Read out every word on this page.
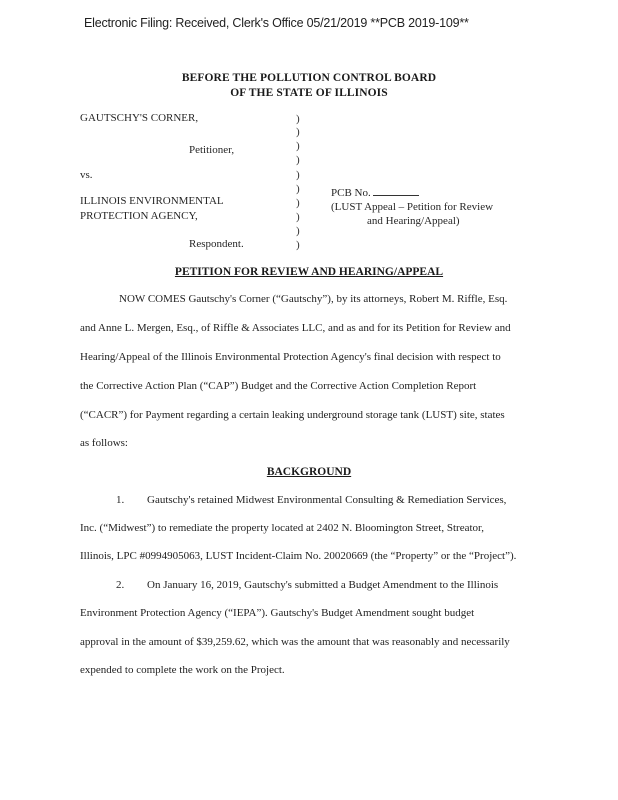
Electronic Filing: Received, Clerk's Office 05/21/2019 **PCB 2019-109**
BEFORE THE POLLUTION CONTROL BOARD
OF THE STATE OF ILLINOIS
GAUTSCHY'S CORNER,
Petitioner,
vs.
ILLINOIS ENVIRONMENTAL
PROTECTION AGENCY,
Respondent.
)
)
)
)
)
)
)
)
)
)
PCB No.
(LUST Appeal – Petition for Review
and Hearing/Appeal)
PETITION FOR REVIEW AND HEARING/APPEAL
NOW COMES Gautschy's Corner (“Gautschy”), by its attorneys, Robert M. Riffle, Esq.
and Anne L. Mergen, Esq., of Riffle & Associates LLC, and as and for its Petition for Review and
Hearing/Appeal of the Illinois Environmental Protection Agency's final decision with respect to
the Corrective Action Plan (“CAP”) Budget and the Corrective Action Completion Report
(“CACR”) for Payment regarding a certain leaking underground storage tank (LUST) site, states
as follows:
BACKGROUND
1. Gautschy's retained Midwest Environmental Consulting & Remediation Services,
Inc. (“Midwest”) to remediate the property located at 2402 N. Bloomington Street, Streator,
Illinois, LPC #0994905063, LUST Incident-Claim No. 20020669 (the “Property” or the “Project”).
2. On January 16, 2019, Gautschy's submitted a Budget Amendment to the Illinois
Environment Protection Agency (“IEPA”). Gautschy's Budget Amendment sought budget
approval in the amount of $39,259.62, which was the amount that was reasonably and necessarily
expended to complete the work on the Project.
